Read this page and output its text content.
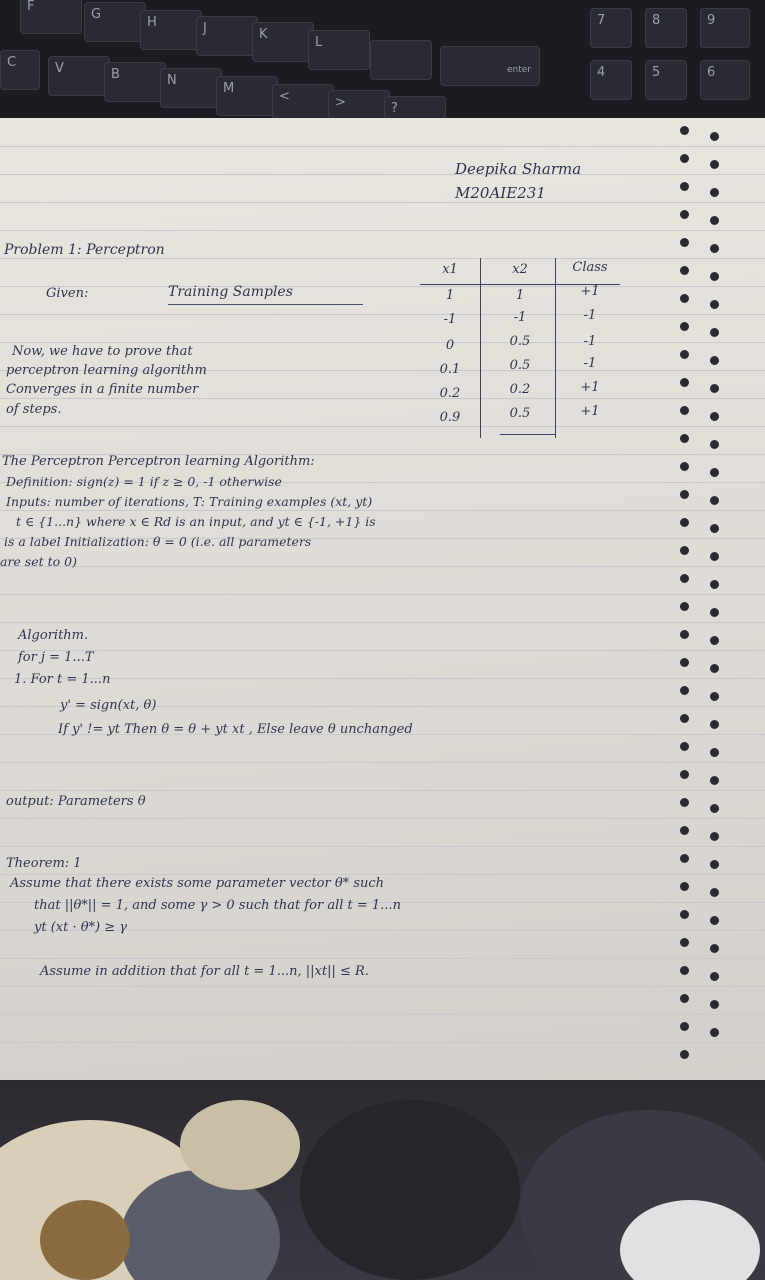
F
G
H	J	K
L
enter
7	8	9
C	V	B	N
M
<	>	?
4	5	6
Deepika Sharma
M20AIE231
Problem 1: Perceptron
Given:	Training Samples
Now, we have to prove that
perceptron learning algorithm
Converges in a finite number
of steps.
x1	x2	Class
1	1	+1
-1	-1	-1
0	0.5	-1
0.1	0.5	-1
0.2	0.2	+1
0.9	0.5	+1
The Perceptron Perceptron learning Algorithm:
Definition: sign(z) = 1 if z ≥ 0, -1 otherwise
Inputs: number of iterations, T: Training examples (xt, yt)
t ∈ {1...n} where x ∈ Rd is an input, and yt ∈ {-1, +1} is
is a label Initialization: θ = 0 (i.e. all parameters
are set to 0)
Algorithm.
for j = 1...T
1. For t = 1...n
y' = sign(xt, θ)
If y' != yt Then θ = θ + yt xt , Else leave θ unchanged
output: Parameters θ
Theorem: 1
Assume that there exists some parameter vector θ* such
that ||θ*|| = 1, and some γ > 0 such that for all t = 1...n
yt (xt · θ*) ≥ γ
Assume in addition that for all t = 1...n, ||xt|| ≤ R.
